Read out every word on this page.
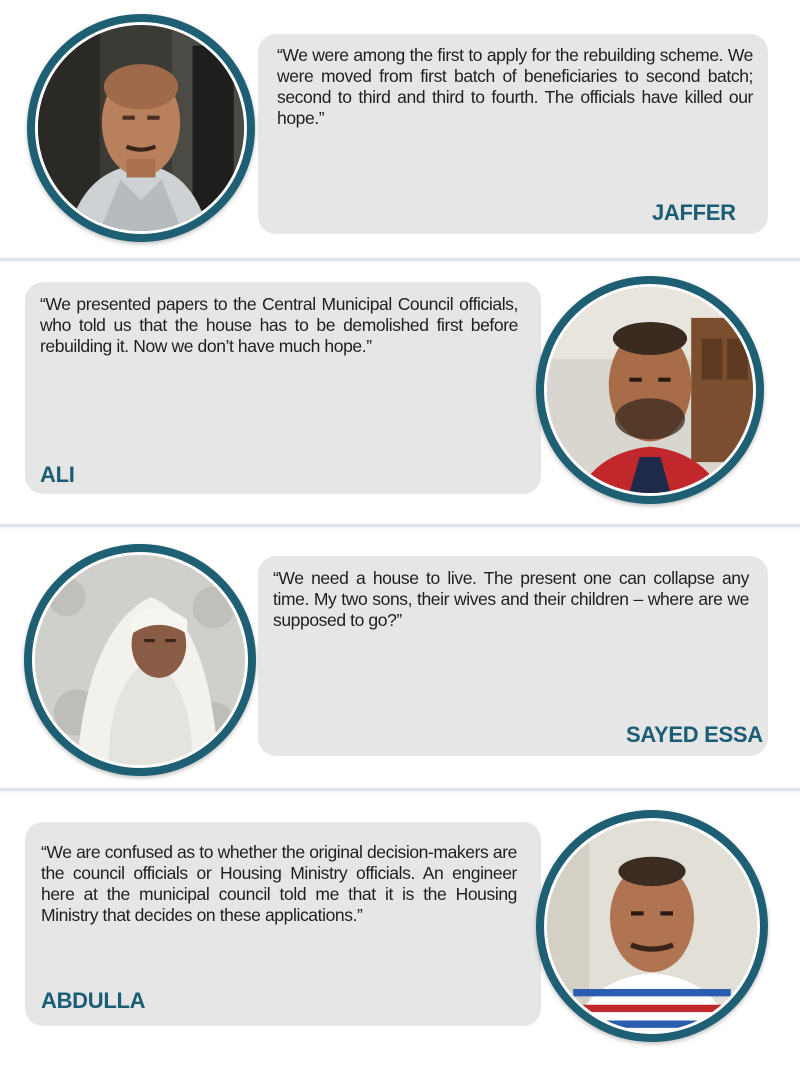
“We were among the first to apply for the rebuilding scheme. We were moved from first batch of beneficiaries to second batch; second to third and third to fourth. The officials have killed our hope.”

JAFFER

“We presented papers to the Central Municipal Council officials, who told us that the house has to be demolished first before rebuilding it. Now we don’t have much hope.”

ALI

“We need a house to live. The present one can collapse any time. My two sons, their wives and their children – where are we supposed to go?”

SAYED ESSA

“We are confused as to whether the original decision-makers are the council officials or Housing Ministry officials. An engineer here at the municipal council told me that it is the Housing Ministry that decides on these applications.”

ABDULLA
